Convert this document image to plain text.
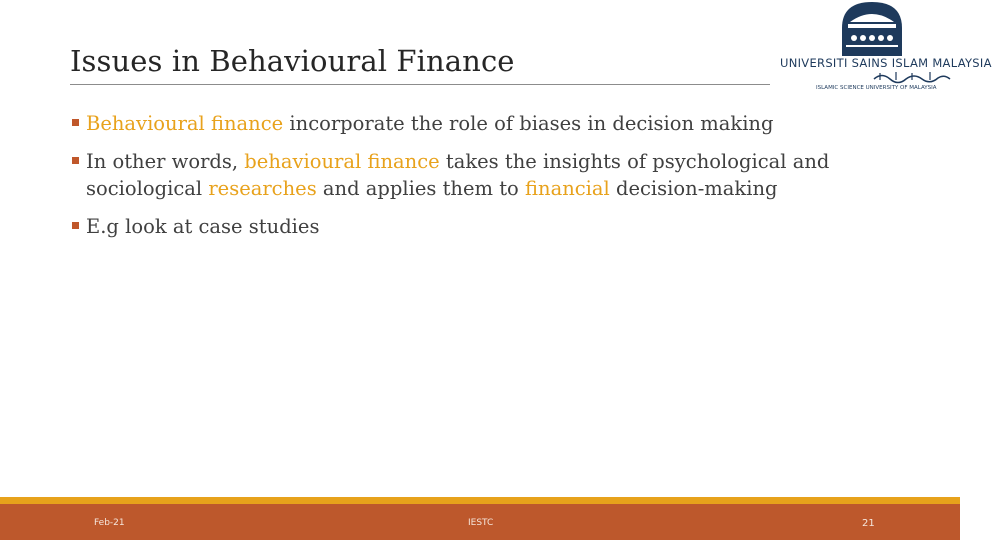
Issues in Behavioural Finance	UNIVERSITI SAINS ISLAM MALAYSIA
ISLAMIC SCIENCE UNIVERSITY OF MALAYSIA
Behavioural finance incorporate the role of biases in decision making
In other words, behavioural finance takes the insights of psychological and sociological researches and applies them to financial decision-making
E.g look at case studies
Feb-21	IESTC	21
